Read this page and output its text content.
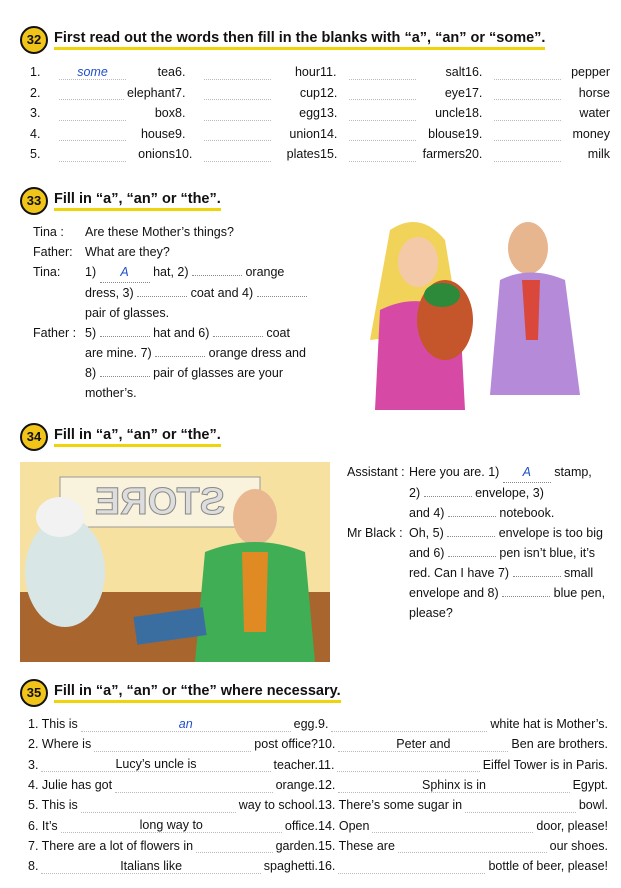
32 First read out the words then fill in the blanks with “a”, “an” or “some”.
1.	some	tea 6.	hour 11.	salt 16.	pepper
2.	elephant 7.	cup 12.	eye 17.	horse
3.	box 8.	egg 13.	uncle 18.	water
4.	house 9.	union 14.	blouse 19.	money
5.	onions 10.	plates 15.	farmers 20.	milk
33 Fill in “a”, “an” or “the”.
Tina : Are these Mother’s things?
Father: What are they?
Tina: 1) A hat, 2)	orange
dress, 3)	coat and 4)
pair of glasses.
Father : 5)	hat and 6)	coat
are mine. 7)	orange dress and
8)	pair of glasses are your
mother’s.
34 Fill in “a”, “an” or “the”.
STORE
Assistant : Here you are. 1) A stamp,
2)	envelope, 3)
and 4)	notebook.
Mr Black : Oh, 5)	envelope is too big
and 6)	pen isn’t blue, it’s
red. Can I have 7)	small
envelope and 8)	blue pen,
please?
35 Fill in “a”, “an” or “the” where necessary.
1. This is	an	egg. 9.	white hat is Mother’s.
2. Where is	post office? 10.	Peter and	Ben are brothers.
3.	Lucy’s uncle is	teacher. 11.	Eiffel Tower is in Paris.
4. Julie has got	orange. 12.	Sphinx is in	Egypt.
5. This is	way to school. 13. There’s some sugar in	bowl.
6. It’s	long way to	office. 14. Open	door, please!
7. There are a lot of flowers in	garden. 15. These are	our shoes.
8.	Italians like	spaghetti. 16.	bottle of beer, please!
